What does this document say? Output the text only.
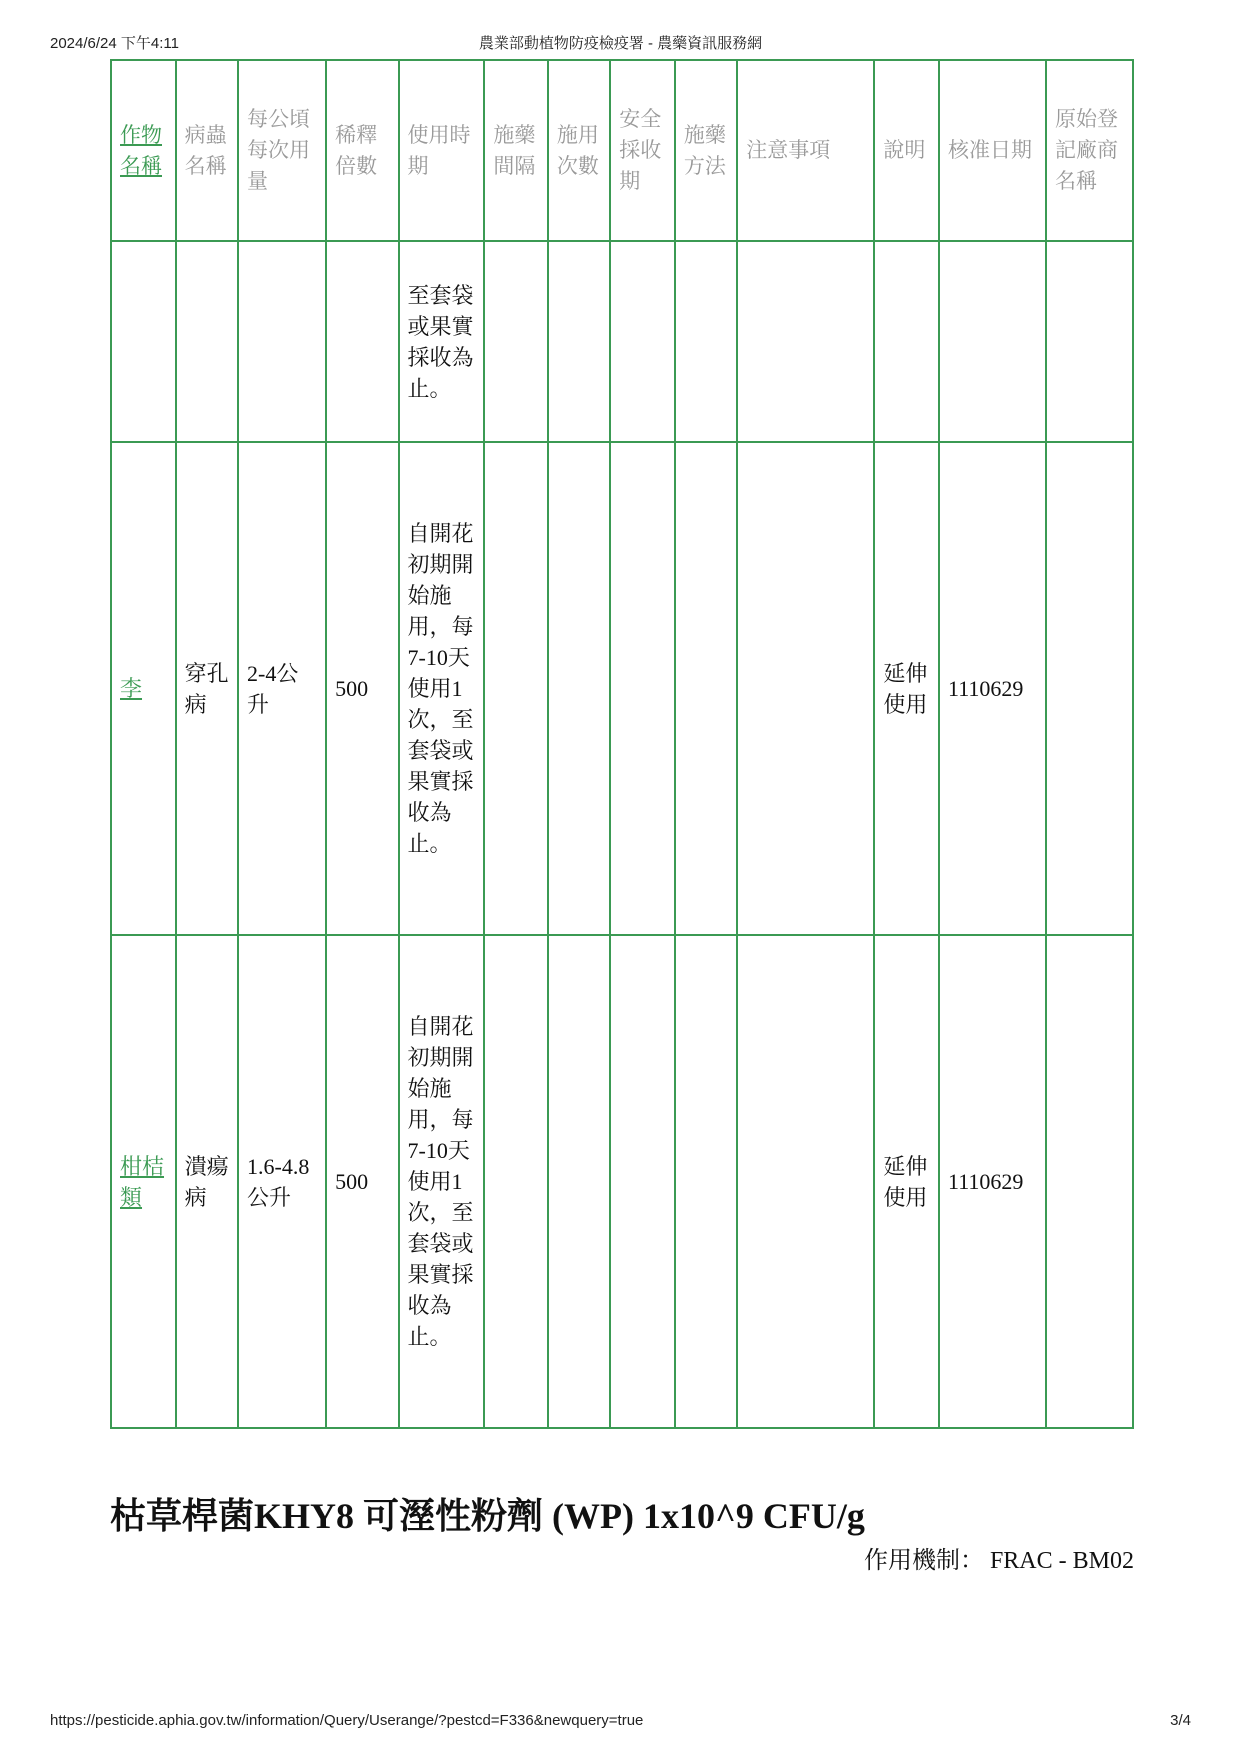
2024/6/24 下午4:11	農業部動植物防疫檢疫署 - 農藥資訊服務網
作物名稱	病蟲名稱	每公頃每次用量	稀釋倍數	使用時期	施藥間隔	施用次數	安全採收期	施藥方法	注意事項	說明	核准日期	原始登記廠商名稱
				至套袋或果實採收為止。								
李	穿孔病	2-4公升	500	自開花初期開始施用，每7-10天使用1次，至套袋或果實採收為止。						延伸使用	1110629	
柑桔類	潰瘍病	1.6-4.8公升	500	自開花初期開始施用，每7-10天使用1次，至套袋或果實採收為止。						延伸使用	1110629	
枯草桿菌KHY8 可溼性粉劑 (WP) 1x10^9 CFU/g
作用機制： FRAC - BM02
https://pesticide.aphia.gov.tw/information/Query/Userange/?pestcd=F336&newquery=true	3/4
